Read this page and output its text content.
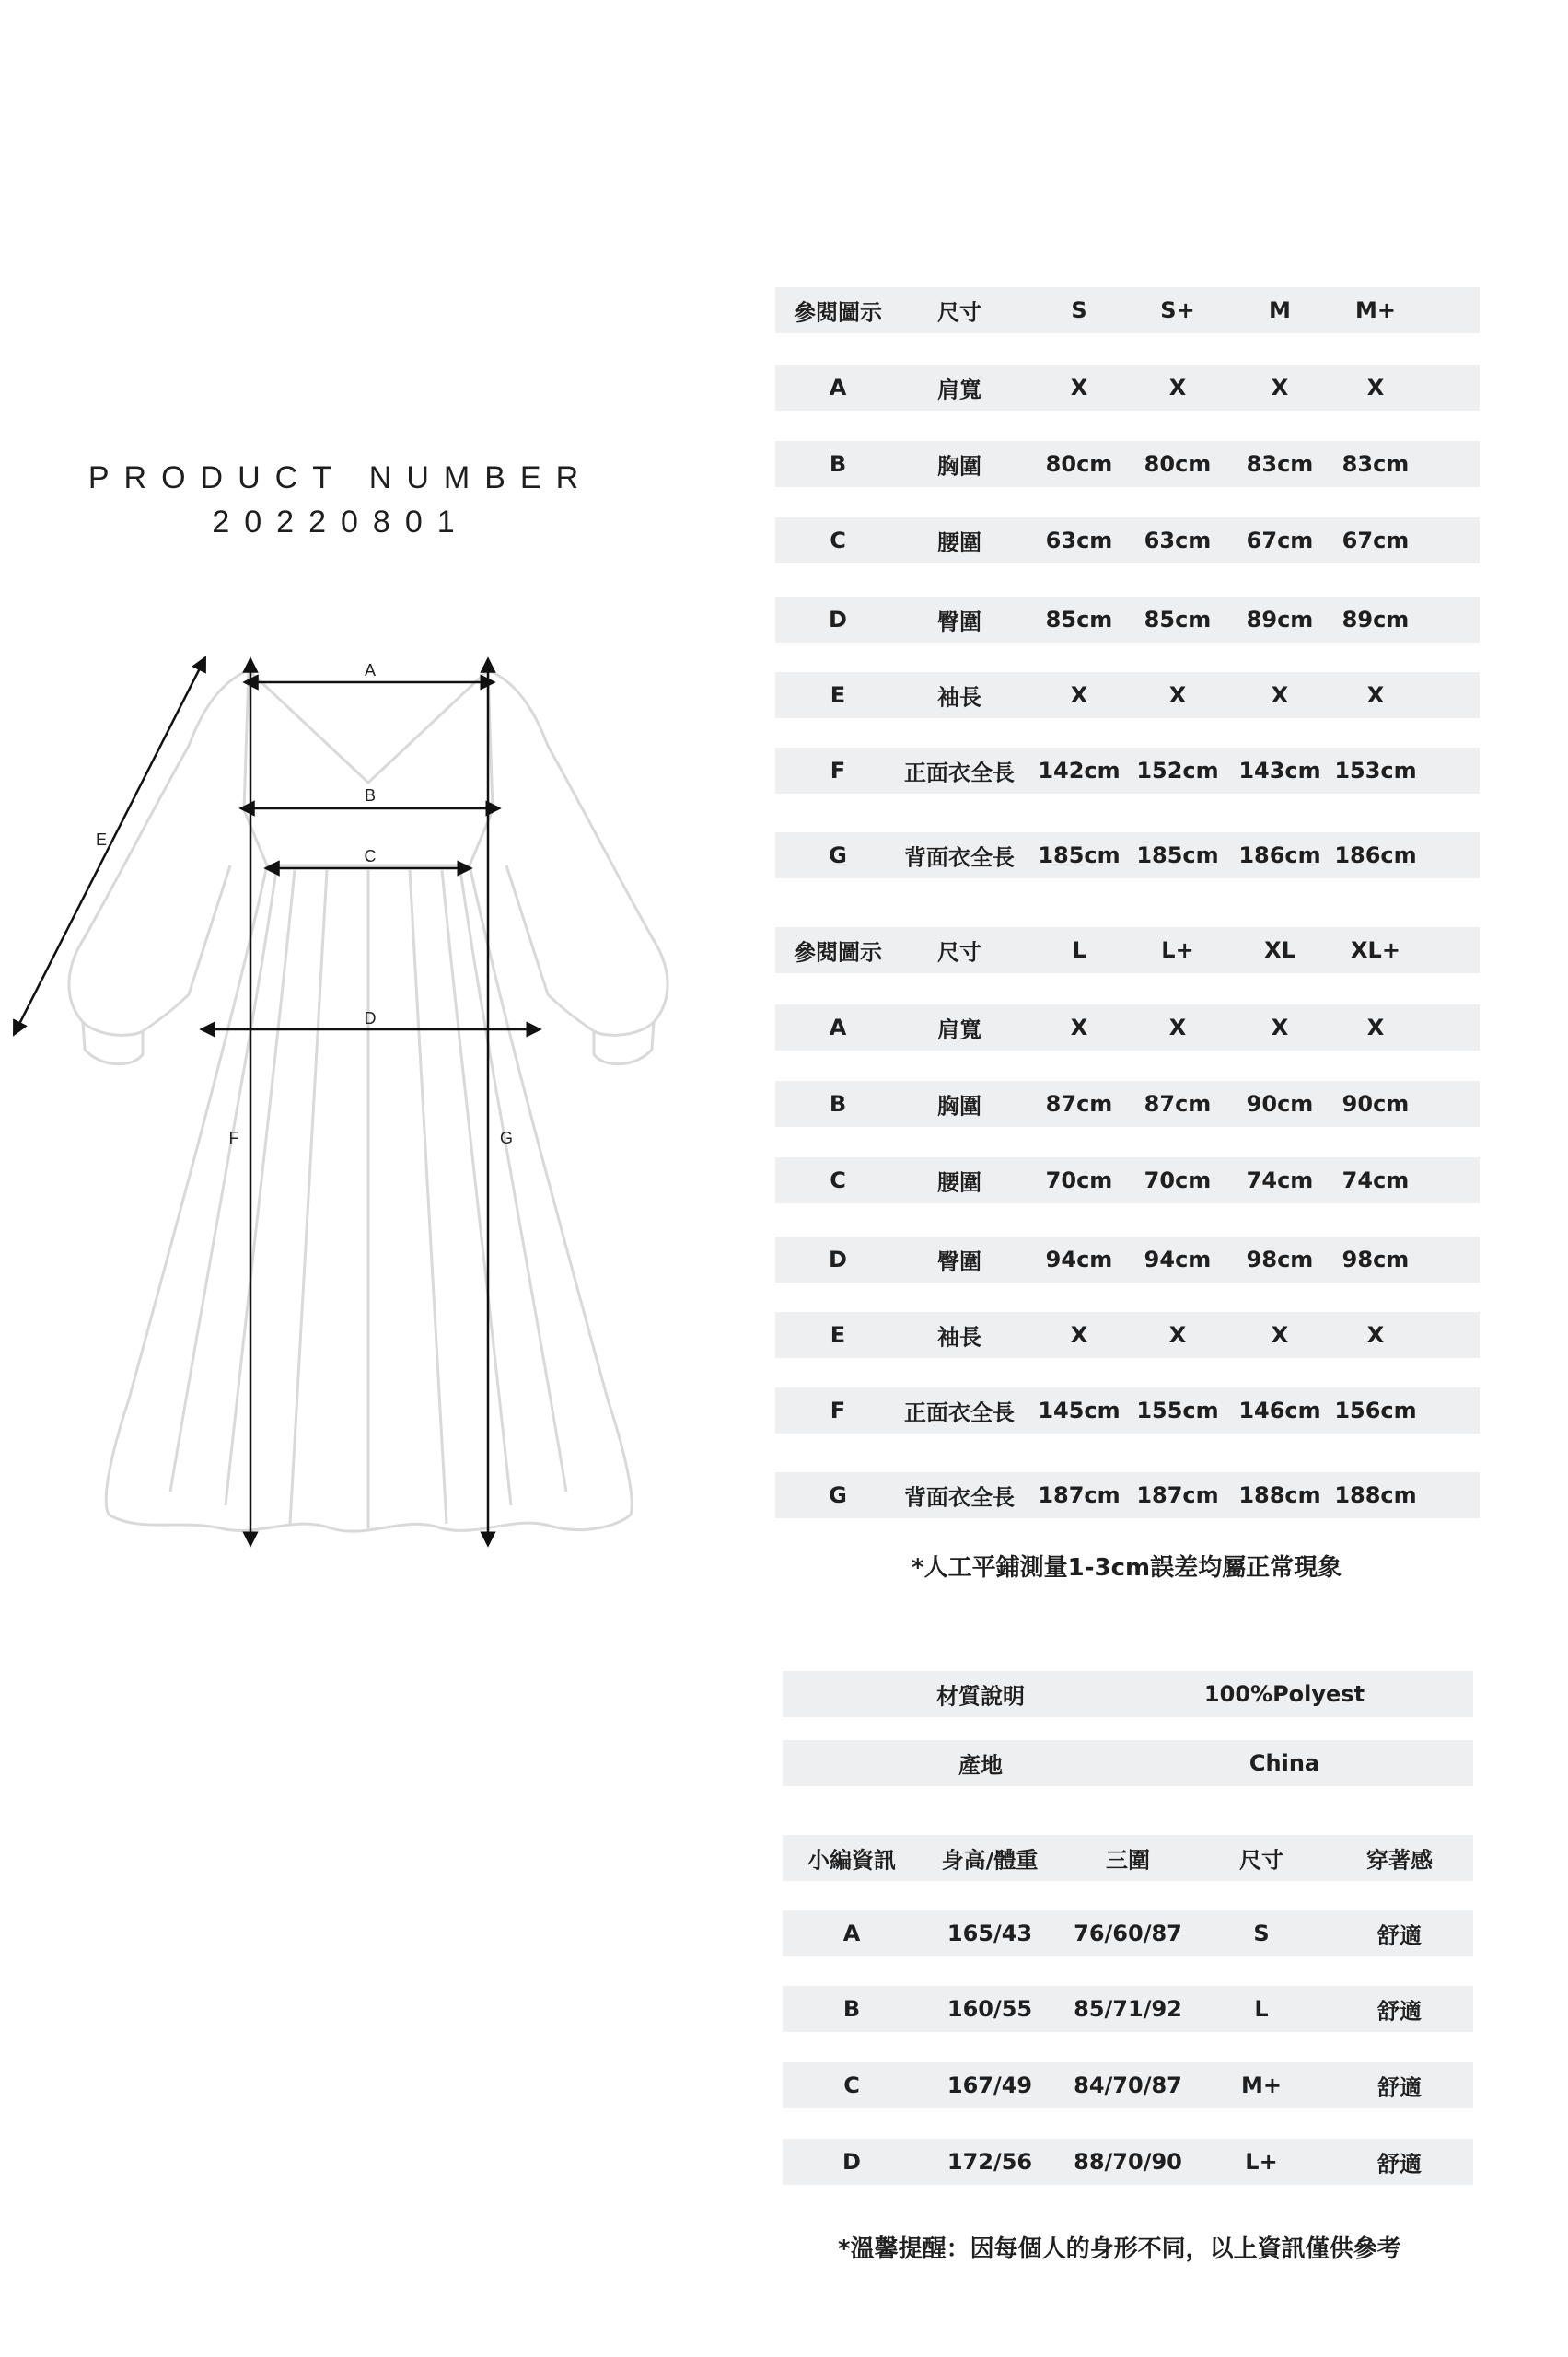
PRODUCT NUMBER
20220801
A
B
C
D
E
F	G
參閱圖示	尺寸	S	S+	M	M+
A	肩寬	X	X	X	X
B	胸圍	80cm 80cm 83cm 83cm
C	腰圍	63cm 63cm 67cm 67cm
D	臀圍	85cm 85cm 89cm 89cm
E	袖長	X	X	X	X
F	正面衣全長 142cm 152cm 143cm 153cm
G	背面衣全長 185cm 185cm 186cm 186cm
參閱圖示	尺寸	L	L+	XL	XL+
A	肩寬	X	X	X	X
B	胸圍	87cm 87cm 90cm 90cm
C	腰圍	70cm 70cm 74cm 74cm
D	臀圍	94cm 94cm 98cm 98cm
E	袖長	X	X	X	X
F	正面衣全長 145cm 155cm 146cm 156cm
G	背面衣全長 187cm 187cm 188cm 188cm
*人工平鋪測量1-3cm誤差均屬正常現象
材質說明	100%Polyest
產地	China
小編資訊 身高/體重	三圍	尺寸	穿著感
A	165/43 76/60/87	S	舒適
B	160/55 85/71/92	L	舒適
C	167/49 84/70/87	M+	舒適
D	172/56 88/70/90	L+	舒適
*溫馨提醒：因每個人的身形不同，以上資訊僅供參考
